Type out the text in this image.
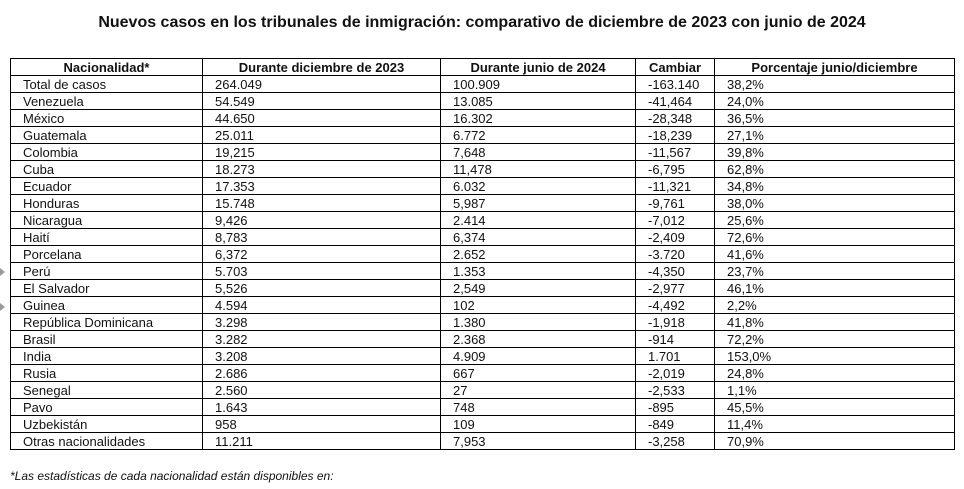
Nuevos casos en los tribunales de inmigración: comparativo de diciembre de 2023 con junio de 2024
Nacionalidad*	Durante diciembre de 2023	Durante junio de 2024	Cambiar	Porcentaje junio/diciembre
Total de casos	264.049	100.909	-163.140	38,2%
Venezuela	54.549	13.085	-41,464	24,0%
México	44.650	16.302	-28,348	36,5%
Guatemala	25.011	6.772	-18,239	27,1%
Colombia	19,215	7,648	-11,567	39,8%
Cuba	18.273	11,478	-6,795	62,8%
Ecuador	17.353	6.032	-11,321	34,8%
Honduras	15.748	5,987	-9,761	38,0%
Nicaragua	9,426	2.414	-7,012	25,6%
Haití	8,783	6,374	-2,409	72,6%
Porcelana	6,372	2.652	-3.720	41,6%
Perú	5.703	1.353	-4,350	23,7%
El Salvador	5,526	2,549	-2,977	46,1%
Guinea	4.594	102	-4,492	2,2%
República Dominicana	3.298	1.380	-1,918	41,8%
Brasil	3.282	2.368	-914	72,2%
India	3.208	4.909	1.701	153,0%
Rusia	2.686	667	-2,019	24,8%
Senegal	2.560	27	-2,533	1,1%
Pavo	1.643	748	-895	45,5%
Uzbekistán	958	109	-849	11,4%
Otras nacionalidades	11.211	7,953	-3,258	70,9%
*Las estadísticas de cada nacionalidad están disponibles en:
